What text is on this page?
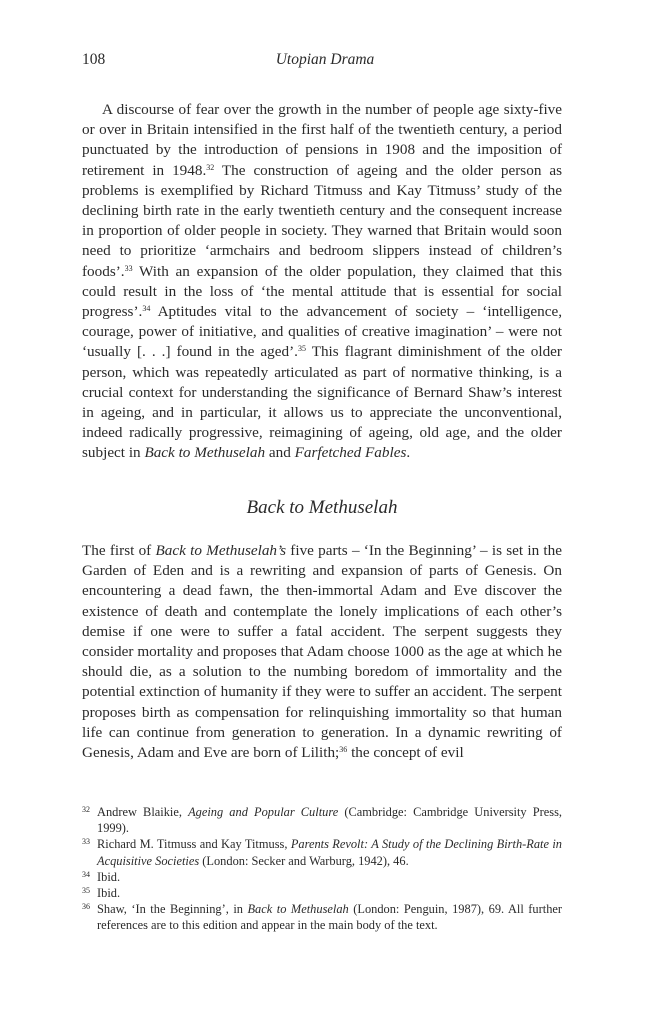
108	Utopian Drama

A discourse of fear over the growth in the number of people age sixty-five or over in Britain intensified in the first half of the twentieth century, a period punctuated by the introduction of pensions in 1908 and the imposition of retirement in 1948.32 The construction of ageing and the older person as problems is exemplified by Richard Titmuss and Kay Titmuss’ study of the declining birth rate in the early twentieth century and the consequent increase in proportion of older people in society. They warned that Britain would soon need to prioritize ‘armchairs and bedroom slippers instead of children’s foods’.$^{33}$ With an expansion of the older population, they claimed that this could result in the loss of ‘the mental attitude that is essential for social progress’.$^{34}$ Aptitudes vital to the advancement of society – ‘intelligence, courage, power of initiative, and qualities of creative imagination’ – were not ‘usually [. . .] found in the aged’.$^{35}$ This flagrant diminishment of the older person, which was repeatedly articulated as part of normative thinking, is a crucial context for understanding the significance of Bernard Shaw’s interest in ageing, and in particular, it allows us to appreciate the unconventional, indeed radically progressive, reimagining of ageing, old age, and the older subject in Back to Methuselah and Farfetched Fables.

Back to Methuselah

The first of Back to Methuselah’s five parts – ‘In the Beginning’ – is set in the Garden of Eden and is a rewriting and expansion of parts of Genesis. On encountering a dead fawn, the then-immortal Adam and Eve discover the existence of death and contemplate the lonely implications of each other’s demise if one were to suffer a fatal accident. The serpent suggests they consider mortality and proposes that Adam choose 1000 as the age at which he should die, as a solution to the numbing boredom of immortality and the potential extinction of humanity if they were to suffer an accident. The serpent proposes birth as compensation for relinquishing immortality so that human life can continue from generation to generation. In a dynamic rewriting of Genesis, Adam and Eve are born of Lilith;$^{36}$ the concept of evil

32 Andrew Blaikie, Ageing and Popular Culture (Cambridge: Cambridge University Press, 1999).
33 Richard M. Titmuss and Kay Titmuss, Parents Revolt: A Study of the Declining Birth-Rate in Acquisitive Societies (London: Secker and Warburg, 1942), 46.
34 Ibid.
35 Ibid.
36 Shaw, ‘In the Beginning’, in Back to Methuselah (London: Penguin, 1987), 69. All further references are to this edition and appear in the main body of the text.
